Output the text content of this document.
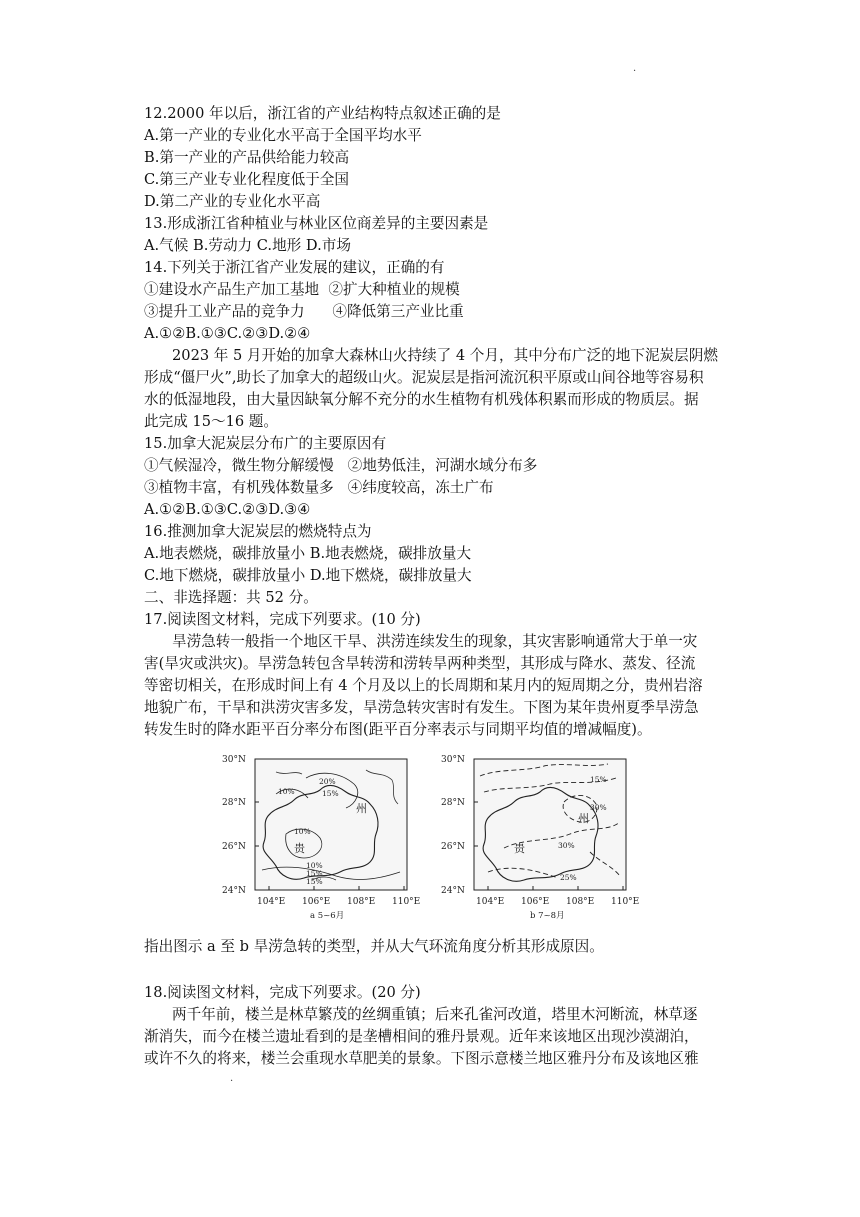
·
12.2000 年以后，浙江省的产业结构特点叙述正确的是
A.第一产业的专业化水平高于全国平均水平
B.第一产业的产品供给能力较高
C.第三产业专业化程度低于全国
D.第二产业的专业化水平高
13.形成浙江省种植业与林业区位商差异的主要因素是
A.气候 B.劳动力 C.地形 D.市场
14.下列关于浙江省产业发展的建议，正确的有
①建设水产品生产加工基地  ②扩大种植业的规模
③提升工业产品的竞争力      ④降低第三产业比重
A.①②B.①③C.②③D.②④
2023 年 5 月开始的加拿大森林山火持续了 4 个月，其中分布广泛的地下泥炭层阴燃
形成“僵尸火”,助长了加拿大的超级山火。泥炭层是指河流沉积平原或山间谷地等容易积
水的低湿地段，由大量因缺氧分解不充分的水生植物有机残体积累而形成的物质层。据
此完成 15～16 题。
15.加拿大泥炭层分布广的主要原因有
①气候湿冷，微生物分解缓慢   ②地势低洼，河湖水域分布多
③植物丰富，有机残体数量多   ④纬度较高，冻土广布
A.①②B.①③C.②③D.③④
16.推测加拿大泥炭层的燃烧特点为
A.地表燃烧，碳排放量小 B.地表燃烧，碳排放量大
C.地下燃烧，碳排放量小 D.地下燃烧，碳排放量大
二、非选择题：共 52 分。
17.阅读图文材料，完成下列要求。(10 分)
旱涝急转一般指一个地区干旱、洪涝连续发生的现象，其灾害影响通常大于单一灾
害(旱灾或洪灾)。旱涝急转包含旱转涝和涝转旱两种类型，其形成与降水、蒸发、径流
等密切相关，在形成时间上有 4 个月及以上的长周期和某月内的短周期之分，贵州岩溶
地貌广布，干旱和洪涝灾害多发，旱涝急转灾害时有发生。下图为某年贵州夏季旱涝急
转发生时的降水距平百分率分布图(距平百分率表示与同期平均值的增减幅度)。
20%
15%
10%
10%
10%
15%
15%
州
贵
30°N
28°N
26°N
24°N
104°E 106°E 108°E 110°E
a 5~6月
30%
30%
15%
25%
州
贵
30°N
28°N
26°N
24°N
104°E 106°E 108°E 110°E
b 7~8月
指出图示 a 至 b 旱涝急转的类型，并从大气环流角度分析其形成原因。
18.阅读图文材料，完成下列要求。(20 分)
两千年前，楼兰是林草繁茂的丝绸重镇；后来孔雀河改道，塔里木河断流，林草逐
渐消失，而今在楼兰遗址看到的是垄槽相间的雅丹景观。近年来该地区出现沙漠湖泊，
或许不久的将来，楼兰会重现水草肥美的景象。下图示意楼兰地区雅丹分布及该地区雅
·
